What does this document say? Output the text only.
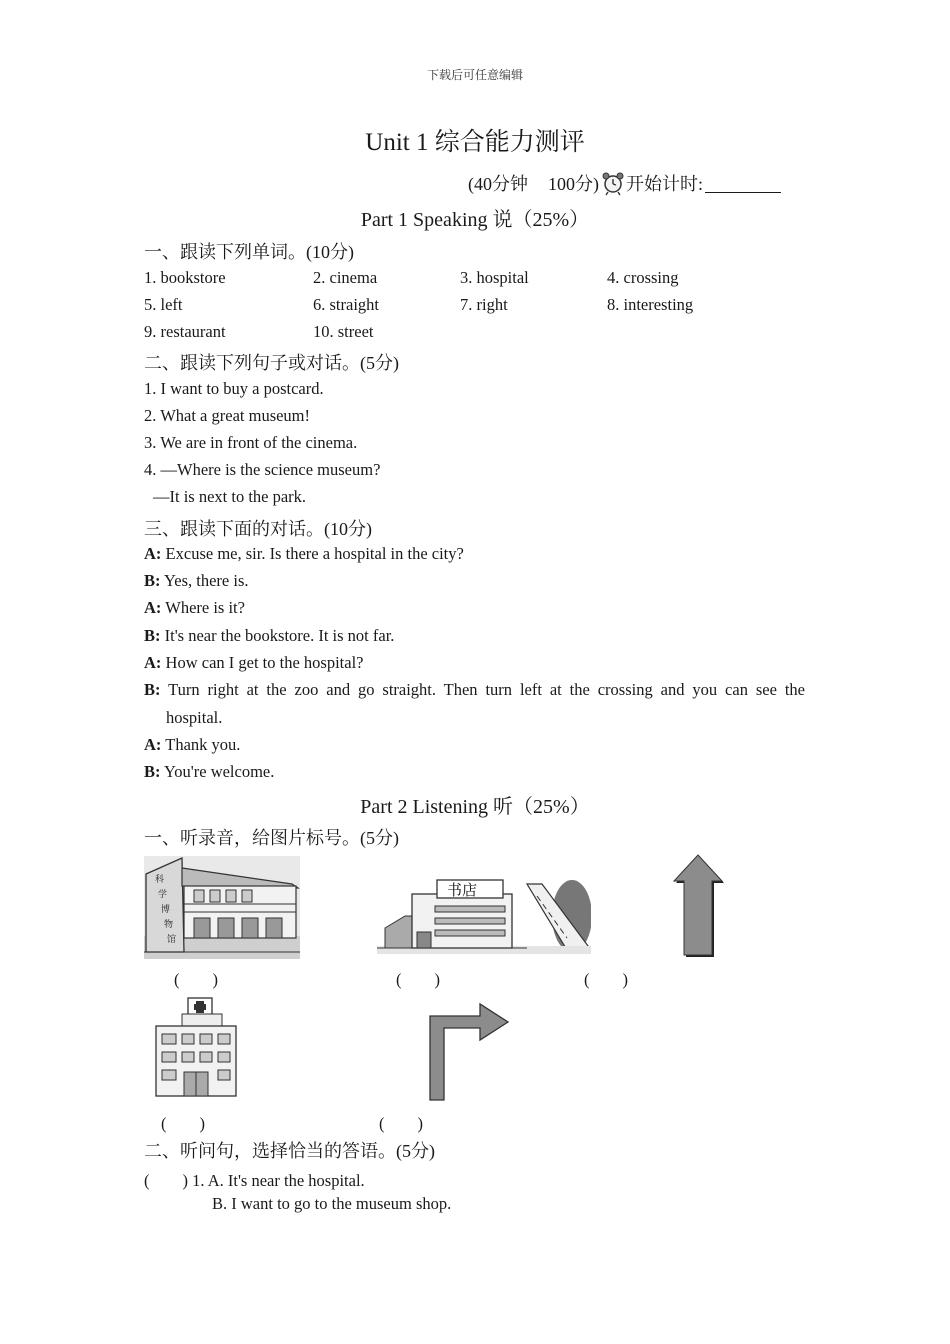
下载后可任意编辑
Unit 1 综合能力测评
(40分钟 100分) 开始计时:
Part 1 Speaking 说（25%）
一、跟读下列单词。(10分)
1. bookstore	2. cinema	3. hospital	4. crossing
5. left	6. straight	7. right	8. interesting
9. restaurant	10. street
二、跟读下列句子或对话。(5分)
1. I want to buy a postcard.
2. What a great museum!
3. We are in front of the cinema.
4. —Where is the science museum?
—It is next to the park.
三、跟读下面的对话。(10分)
A: Excuse me, sir. Is there a hospital in the city?
B: Yes, there is.
A: Where is it?
B: It's near the bookstore. It is not far.
A: How can I get to the hospital?
B: Turn right at the zoo and go straight. Then turn left at the crossing and you can see the
hospital.
A: Thank you.
B: You're welcome.
Part 2 Listening 听（25%）
一、听录音，给图片标号。(5分)
科
学
博
物
馆
书店
(　　)	(　　)	(　　)
(　　)	(　　)
二、听问句，选择恰当的答语。(5分)
(　　) 1. A. It's near the hospital.
B. I want to go to the museum shop.
